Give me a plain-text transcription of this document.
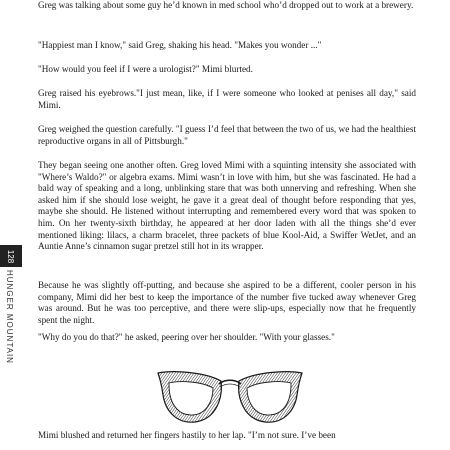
Greg was talking about some guy he’d known in med school who’d dropped out to work at a brewery.

"Happiest man I know," said Greg, shaking his head. "Makes you wonder ..."

"How would you feel if I were a urologist?" Mimi blurted.

Greg raised his eyebrows."I just mean, like, if I were someone who looked at penises all day," said Mimi.

Greg weighed the question carefully. "I guess I’d feel that between the two of us, we had the healthiest reproductive organs in all of Pittsburgh."

They began seeing one another often. Greg loved Mimi with a squinting intensity she associated with "Where’s Waldo?" or algebra exams. Mimi wasn’t in love with him, but she was fascinated. He had a bald way of speaking and a long, unblinking stare that was both unnerving and refreshing. When she asked him if she should lose weight, he gave it a great deal of thought before responding that yes, maybe she should. He listened without interrupting and remembered every word that was spoken to him. On her twenty-sixth birthday, he appeared at her door laden with all the things she’d ever mentioned liking: lilacs, a charm bracelet, three packets of blue Kool-Aid, a Swiffer WetJet, and an Auntie Anne’s cinnamon sugar pretzel still hot in its wrapper.

Because he was slightly off-putting, and because she aspired to be a different, cooler person in his company, Mimi did her best to keep the importance of the number five tucked away whenever Greg was around. But he was too perceptive, and there were slip-ups, especially now that he frequently spent the night.

"Why do you do that?" he asked, peering over her shoulder. "With your glasses."

Mimi blushed and returned her fingers hastily to her lap. "I’m not sure. I’ve been

128
HUNGER MOUNTAIN
